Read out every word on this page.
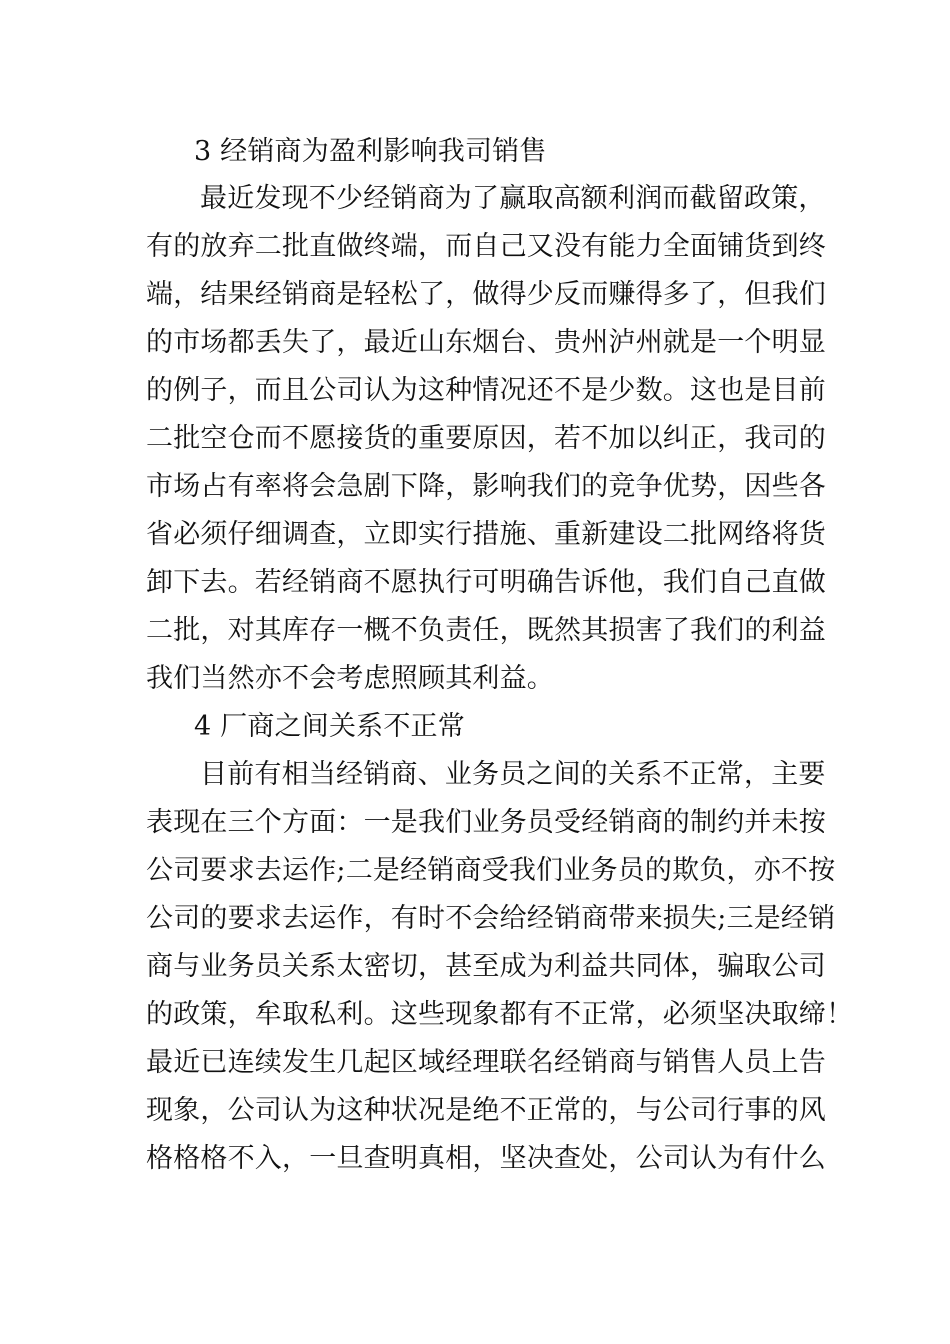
3 经销商为盈利影响我司销售
最近发现不少经销商为了赢取高额利润而截留政策，
有的放弃二批直做终端，而自己又没有能力全面铺货到终
端，结果经销商是轻松了，做得少反而赚得多了，但我们
的市场都丢失了，最近山东烟台、贵州泸州就是一个明显
的例子，而且公司认为这种情况还不是少数。这也是目前
二批空仓而不愿接货的重要原因，若不加以纠正，我司的
市场占有率将会急剧下降，影响我们的竞争优势，因些各
省必须仔细调查，立即实行措施、重新建设二批网络将货
卸下去。若经销商不愿执行可明确告诉他，我们自己直做
二批，对其库存一概不负责任，既然其损害了我们的利益
我们当然亦不会考虑照顾其利益。
4 厂商之间关系不正常
目前有相当经销商、业务员之间的关系不正常，主要
表现在三个方面：一是我们业务员受经销商的制约并未按
公司要求去运作;二是经销商受我们业务员的欺负，亦不按
公司的要求去运作，有时不会给经销商带来损失;三是经销
商与业务员关系太密切，甚至成为利益共同体，骗取公司
的政策，牟取私利。这些现象都有不正常，必须坚决取缔！
最近已连续发生几起区域经理联名经销商与销售人员上告
现象，公司认为这种状况是绝不正常的，与公司行事的风
格格格不入，一旦查明真相，坚决查处，公司认为有什么
